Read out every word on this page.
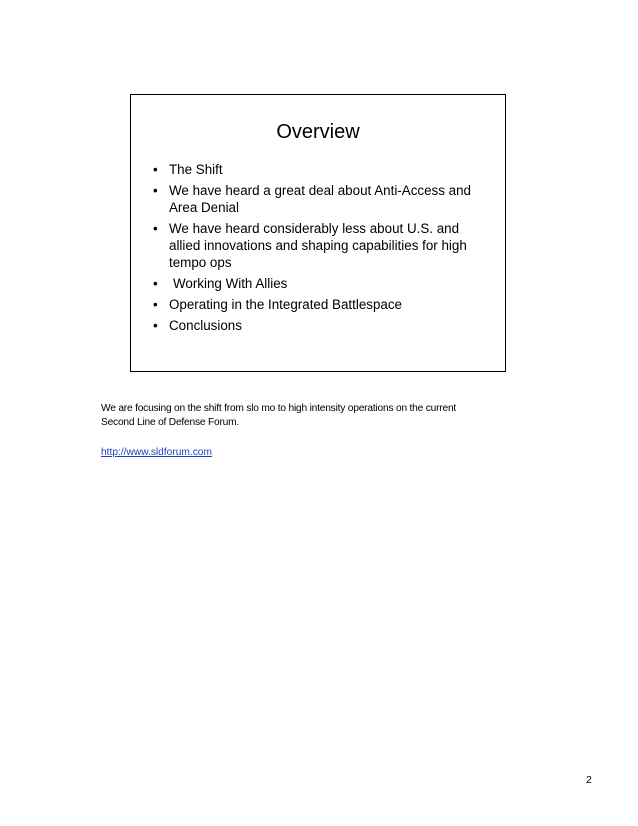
Overview
• The Shift
• We have heard a great deal about Anti-Access and Area Denial
• We have heard considerably less about U.S. and allied innovations and shaping capabilities for high tempo ops
• Working With Allies
• Operating in the Integrated Battlespace
• Conclusions

We are focusing on the shift from slo mo to high intensity operations on the current

Second Line of Defense Forum.

http://www.sldforum.com
2
